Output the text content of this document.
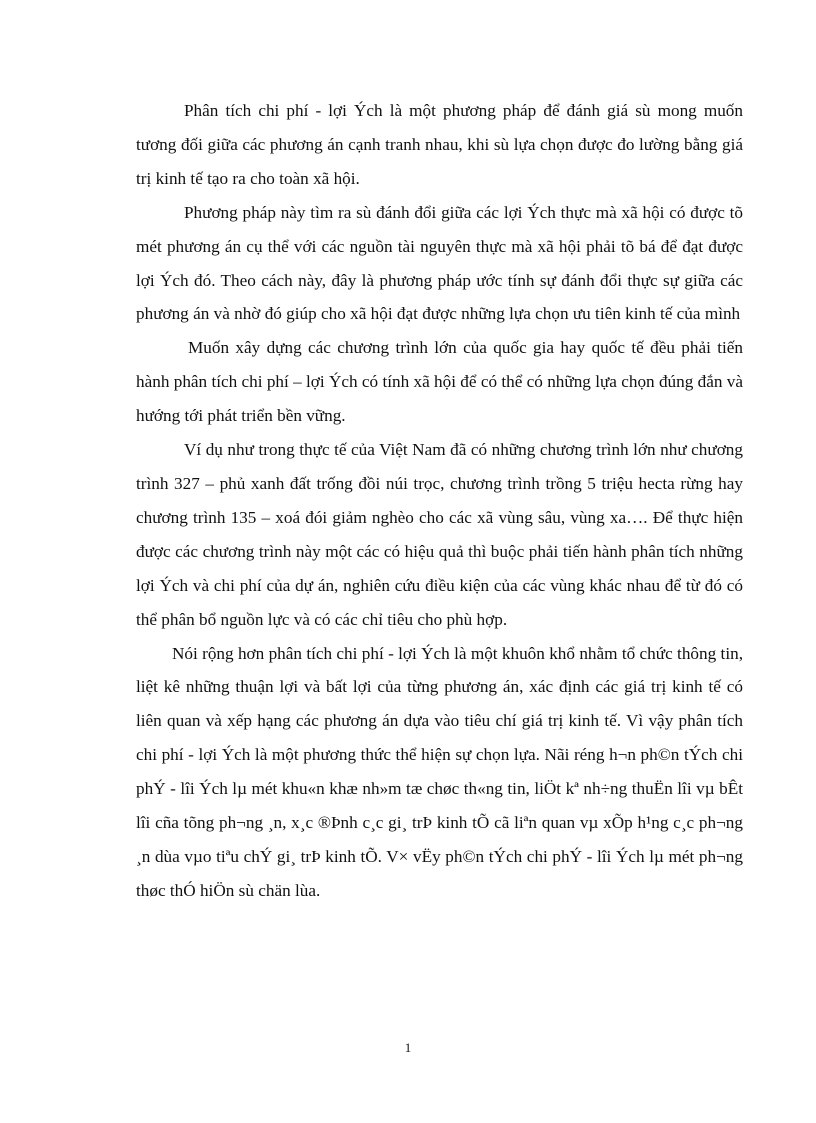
Phân tích chi phí - lợi Ých là một phương pháp để đánh giá sù mong muốn tương đối giữa các phương án cạnh tranh nhau, khi sù lựa chọn được đo lường bằng giá trị kinh tế tạo ra cho toàn xã hội.

Phương pháp này tìm ra sù đánh đổi giữa các lợi Ých thực mà xã hội có được tõ mét phương án cụ thể với các nguồn tài nguyên thực mà xã hội phải tõ bá để đạt được lợi Ých đó. Theo cách này, đây là phương pháp ước tính sự đánh đổi thực sự giữa các phương án và nhờ đó giúp cho xã hội đạt được những lựa chọn ưu tiên kinh tế của mình

Muốn xây dựng các chương trình lớn của quốc gia hay quốc tế đều phải tiến hành phân tích chi phí – lợi Ých có tính xã hội để có thể có những lựa chọn đúng đắn và hướng tới phát triển bền vững.

Ví dụ như trong thực tế của Việt Nam đã có những chương trình lớn như chương trình 327 – phủ xanh đất trống đồi núi trọc, chương trình trồng 5 triệu hecta rừng hay chương trình 135 – xoá đói giảm nghèo cho các xã vùng sâu, vùng xa…. Để thực hiện được các chương trình này một các có hiệu quả thì buộc phải tiến hành phân tích những lợi Ých và chi phí của dự án, nghiên cứu điều kiện của các vùng khác nhau để từ đó có thể phân bổ nguồn lực và có các chỉ tiêu cho phù hợp.

Nói rộng hơn phân tích chi phí - lợi Ých là một khuôn khổ nhằm tổ chức thông tin, liệt kê những thuận lợi và bất lợi của từng phương án, xác định các giá trị kinh tế có liên quan và xếp hạng các phương án dựa vào tiêu chí giá trị kinh tế. Vì vậy phân tích chi phí - lợi Ých là một phương thức thể hiện sự chọn lựa. Nãi réng h¬n ph©n tÝch chi phÝ - lîi Ých lµ mét khu«n khæ nh»m tæ chøc th«ng tin, liÖt kª nh÷ng thuËn lîi vµ bÊt lîi cña tõng ph¬ng ¸n, x¸c ®Þnh c¸c gi¸ trÞ kinh tÕ cã liªn quan vµ xÕp h¹ng c¸c ph¬ng ¸n dùa vµo tiªu chÝ gi¸ trÞ kinh tÕ. V× vËy ph©n tÝch chi phÝ - lîi Ých lµ mét ph¬ng thøc thÓ hiÖn sù chän lùa.

1
